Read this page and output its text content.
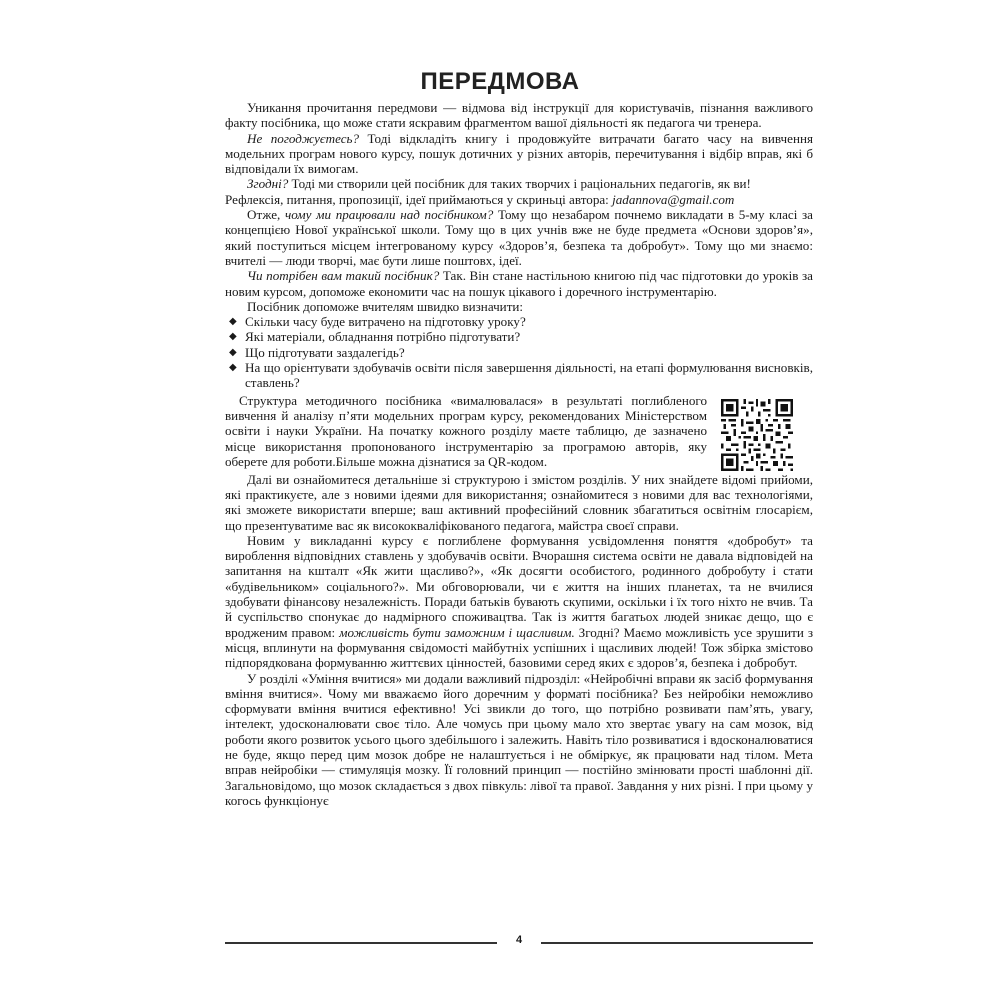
ПЕРЕДМОВА

Уникання прочитання передмови — відмова від інструкції для користувачів, пізнання важливого факту посібника, що може стати яскравим фрагментом вашої діяльності як педагога чи тренера.

Не погоджуєтесь? Тоді відкладіть книгу і продовжуйте витрачати багато часу на вивчення модельних програм нового курсу, пошук дотичних у різних авторів, перечитування і відбір вправ, які б відповідали їх вимогам.

Згодні? Тоді ми створили цей посібник для таких творчих і раціональних педагогів, як ви!

Рефлексія, питання, пропозиції, ідеї приймаються у скриньці автора: jadannova@gmail.com

Отже, чому ми працювали над посібником? Тому що незабаром почнемо викладати в 5-му класі за концепцією Нової української школи. Тому що в цих учнів вже не буде предмета «Основи здоров’я», який поступиться місцем інтегрованому курсу «Здоров’я, безпека та добробут». Тому що ми знаємо: вчителі — люди творчі, має бути лише поштовх, ідеї.

Чи потрібен вам такий посібник? Так. Він стане настільною книгою під час підготовки до уроків за новим курсом, допоможе економити час на пошук цікавого і доречного інструментарію.

Посібник допоможе вчителям швидко визначити:

◆ Скільки часу буде витрачено на підготовку уроку?
◆ Які матеріали, обладнання потрібно підготувати?
◆ Що підготувати заздалегідь?
◆ На що орієнтувати здобувачів освіти після завершення діяльності, на етапі формулювання висновків, ставлень?

Структура методичного посібника «вималювалася» в результаті поглибленого вивчення й аналізу п’яти модельних програм курсу, рекомендованих Міністерством освіти і науки України. На початку кожного розділу маєте таблицю, де зазначено місце використання пропонованого інструментарію за програмою авторів, яку оберете для роботи.Більше можна дізнатися за QR-кодом.

Далі ви ознайомитеся детальніше зі структурою і змістом розділів. У них знайдете відомі прийоми, які практикуєте, але з новими ідеями для використання; ознайомитеся з новими для вас технологіями, які зможете використати вперше; ваш активний професійний словник збагатиться освітнім глосарієм, що презентуватиме вас як висококваліфікованого педагога, майстра своєї справи.

Новим у викладанні курсу є поглиблене формування усвідомлення поняття «добробут» та вироблення відповідних ставлень у здобувачів освіти. Вчорашня система освіти не давала відповідей на запитання на кшталт «Як жити щасливо?», «Як досягти особистого, родинного добробуту і стати «будівельником» соціального?». Ми обговорювали, чи є життя на інших планетах, та не вчилися здобувати фінансову незалежність. Поради батьків бувають скупими, оскільки і їх того ніхто не вчив. Та й суспільство спонукає до надмірного споживацтва. Так із життя багатьох людей зникає дещо, що є вродженим правом: можливість бути заможним і щасливим. Згодні? Маємо можливість усе зрушити з місця, вплинути на формування свідомості майбутніх успішних і щасливих людей! Тож збірка змістово підпорядкована формуванню життєвих цінностей, базовими серед яких є здоров’я, безпека і добробут.

У розділі «Уміння вчитися» ми додали важливий підрозділ: «Нейробічні вправи як засіб формування вміння вчитися». Чому ми вважаємо його доречним у форматі посібника? Без нейробіки неможливо сформувати вміння вчитися ефективно! Усі звикли до того, що потрібно розвивати пам’ять, увагу, інтелект, удосконалювати своє тіло. Але чомусь при цьому мало хто звертає увагу на сам мозок, від роботи якого розвиток усього цього здебільшого і залежить. Навіть тіло розвиватися і вдосконалюватися не буде, якщо перед цим мозок добре не налаштується і не обміркує, як працювати над тілом. Мета вправ нейробіки — стимуляція мозку. Її головний принцип — постійно змінювати прості шаблонні дії. Загальновідомо, що мозок складається з двох півкуль: лівої та правої. Завдання у них різні. І при цьому у когось функціонує

4
